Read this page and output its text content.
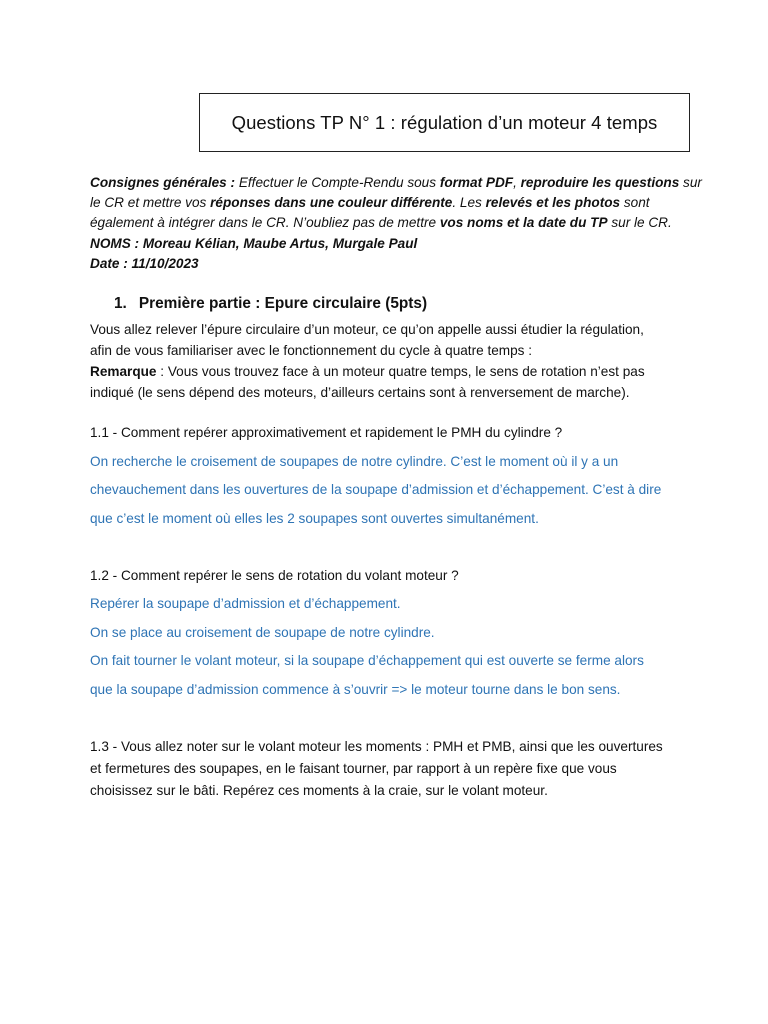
Questions TP N° 1 : régulation d’un moteur 4 temps
Consignes générales : Effectuer le Compte-Rendu sous format PDF, reproduire les questions sur
le CR et mettre vos réponses dans une couleur différente. Les relevés et les photos sont
également à intégrer dans le CR. N’oubliez pas de mettre vos noms et la date du TP sur le CR.
NOMS : Moreau Kélian, Maube Artus, Murgale Paul
Date : 11/10/2023
1. Première partie : Epure circulaire (5pts)
Vous allez relever l’épure circulaire d’un moteur, ce qu’on appelle aussi étudier la régulation,
afin de vous familiariser avec le fonctionnement du cycle à quatre temps :
Remarque : Vous vous trouvez face à un moteur quatre temps, le sens de rotation n’est pas
indiqué (le sens dépend des moteurs, d’ailleurs certains sont à renversement de marche).
1.1 - Comment repérer approximativement et rapidement le PMH du cylindre ?
On recherche le croisement de soupapes de notre cylindre. C’est le moment où il y a un
chevauchement dans les ouvertures de la soupape d’admission et d’échappement. C’est à dire
que c’est le moment où elles les 2 soupapes sont ouvertes simultanément.
1.2 - Comment repérer le sens de rotation du volant moteur ?
Repérer la soupape d’admission et d’échappement.
On se place au croisement de soupape de notre cylindre.
On fait tourner le volant moteur, si la soupape d’échappement qui est ouverte se ferme alors
que la soupape d’admission commence à s’ouvrir => le moteur tourne dans le bon sens.
1.3 - Vous allez noter sur le volant moteur les moments : PMH et PMB, ainsi que les ouvertures
et fermetures des soupapes, en le faisant tourner, par rapport à un repère fixe que vous
choisissez sur le bâti. Repérez ces moments à la craie, sur le volant moteur.
